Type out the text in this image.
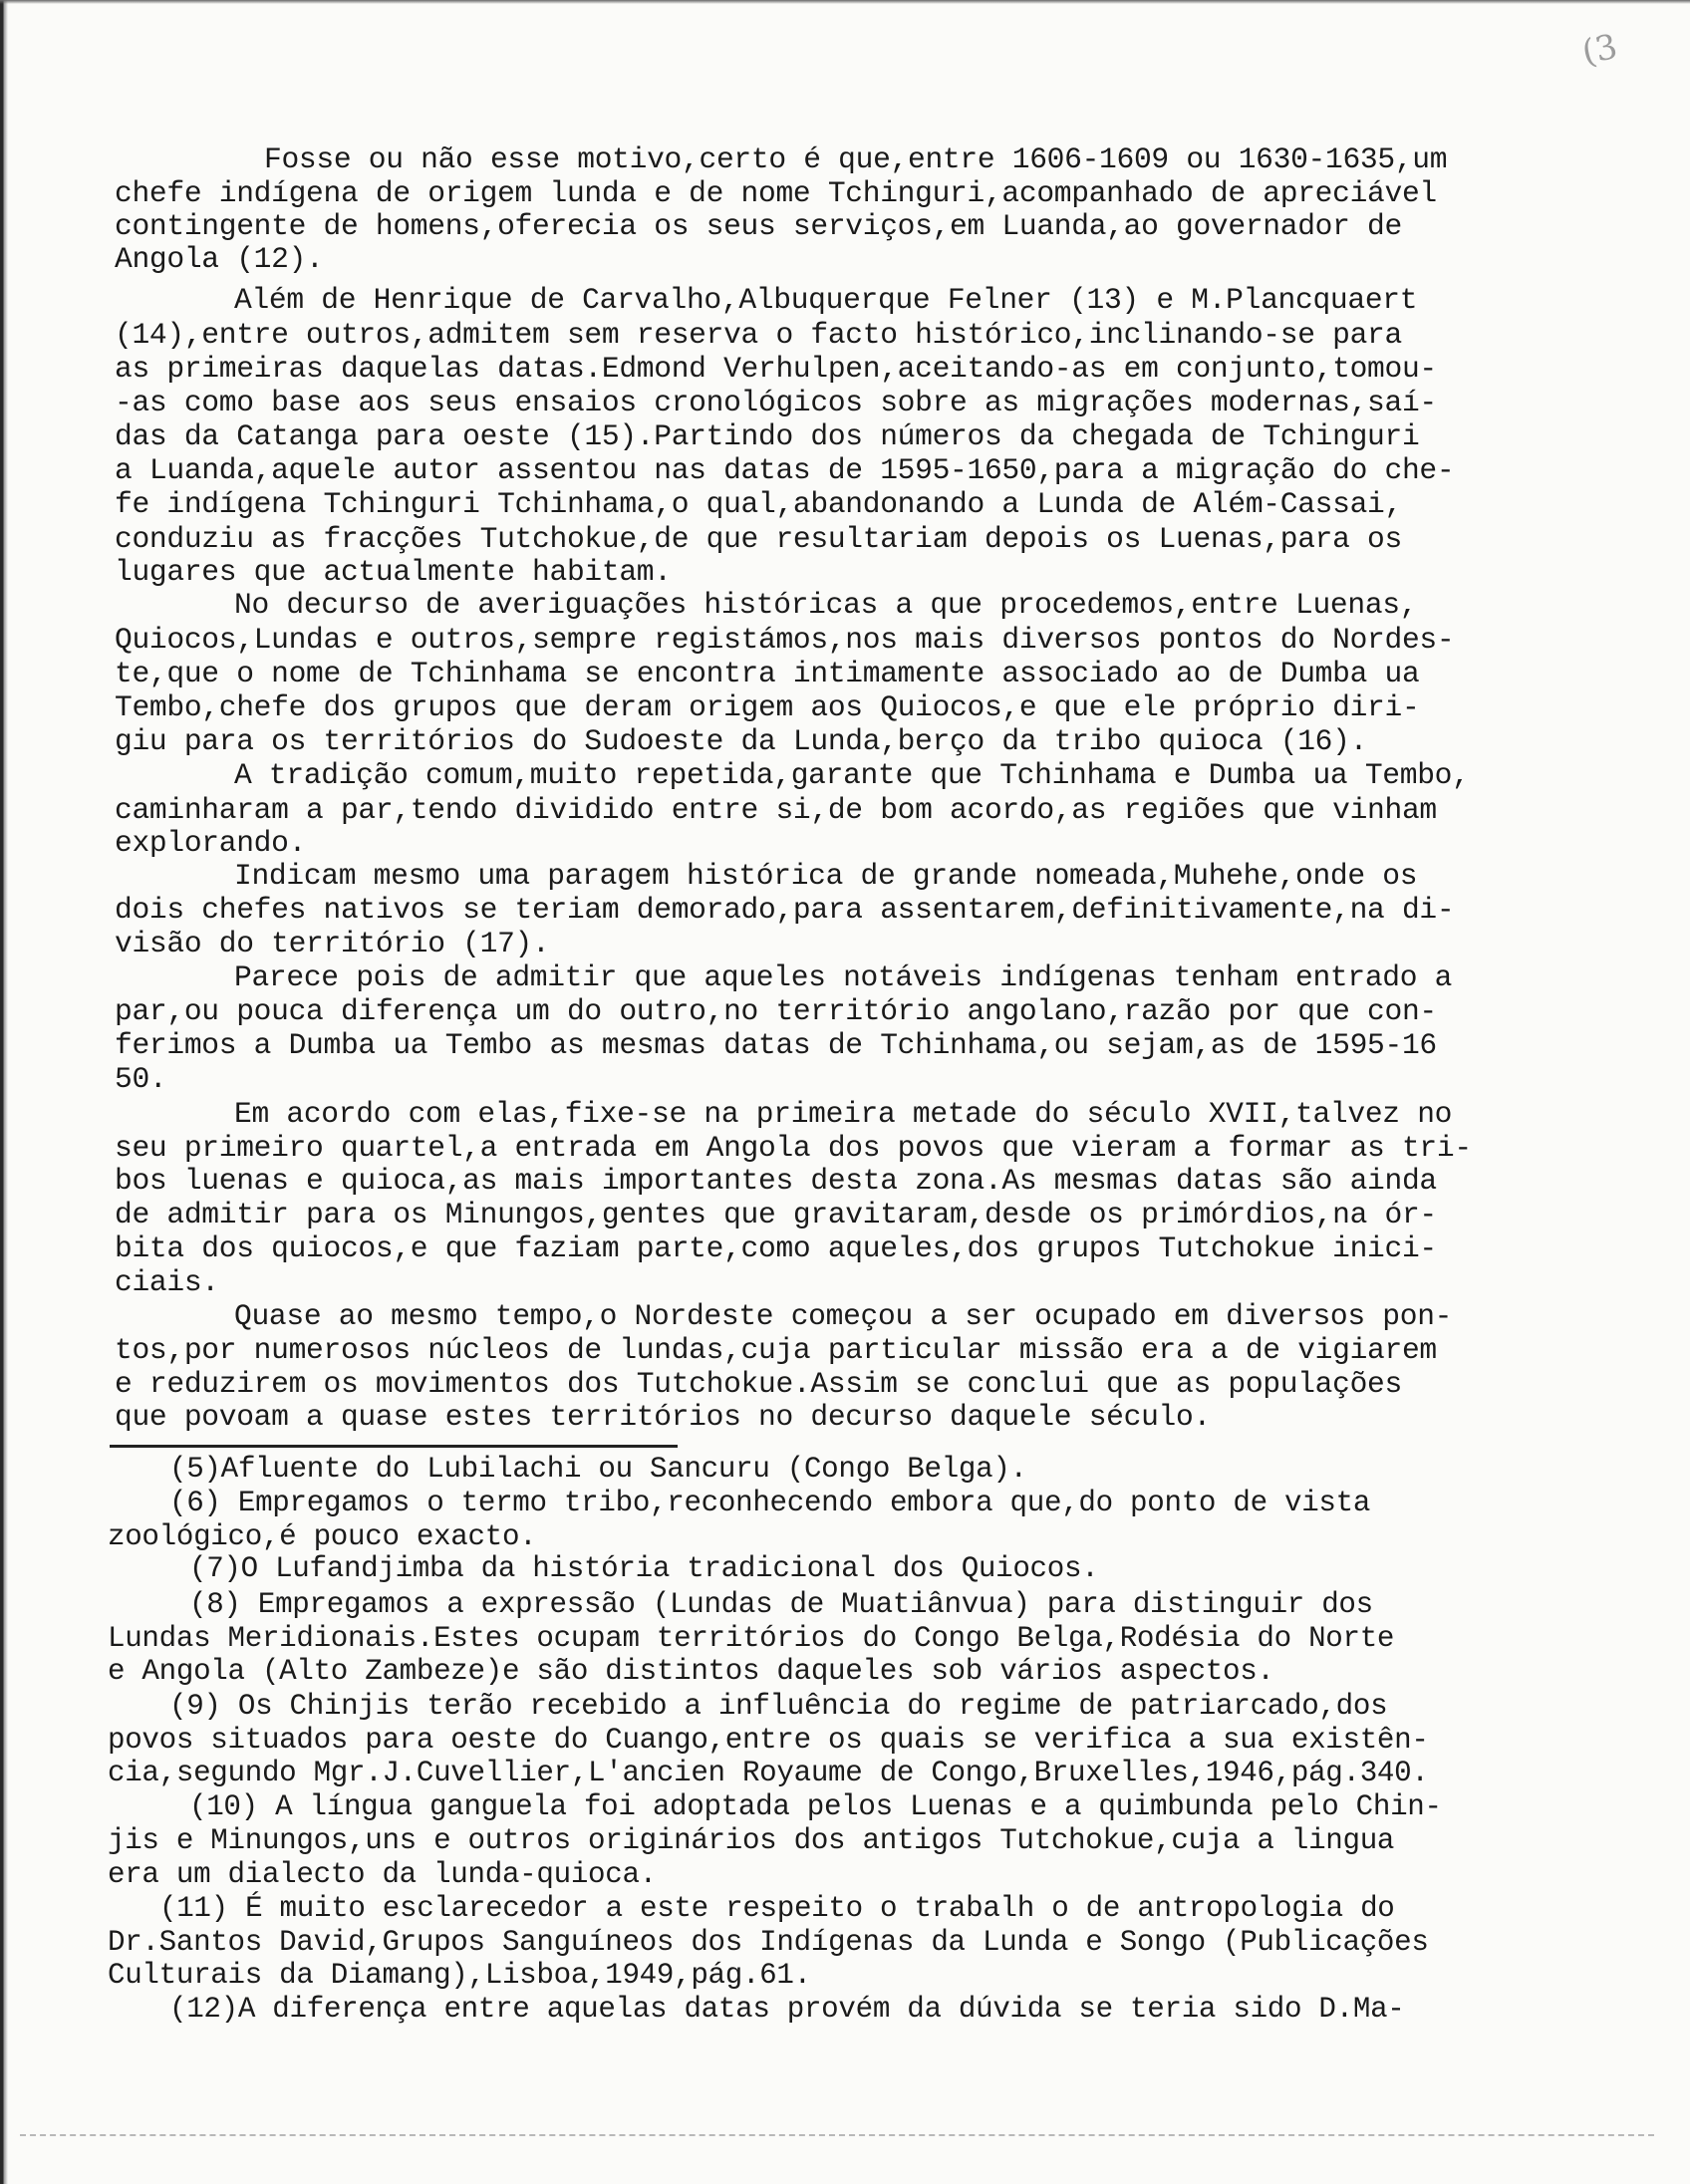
(3

Fosse ou não esse motivo,certo é que,entre 1606-1609 ou 1630-1635,um

chefe indígena de origem lunda e de nome Tchinguri,acompanhado de apreciável

contingente de homens,oferecia os seus serviços,em Luanda,ao governador de

Angola (12).

Além de Henrique de Carvalho,Albuquerque Felner (13) e M.Plancquaert

(14),entre outros,admitem sem reserva o facto histórico,inclinando-se para

as primeiras daquelas datas.Edmond Verhulpen,aceitando-as em conjunto,tomou-

-as como base aos seus ensaios cronológicos sobre as migrações modernas,saí-

das da Catanga para oeste (15).Partindo dos números da chegada de Tchinguri

a Luanda,aquele autor assentou nas datas de 1595-1650,para a migração do che-

fe indígena Tchinguri Tchinhama,o qual,abandonando a Lunda de Além-Cassai,

conduziu as fracções Tutchokue,de que resultariam depois os Luenas,para os

lugares que actualmente habitam.

No decurso de averiguações históricas a que procedemos,entre Luenas,

Quiocos,Lundas e outros,sempre registámos,nos mais diversos pontos do Nordes-

te,que o nome de Tchinhama se encontra intimamente associado ao de Dumba ua

Tembo,chefe dos grupos que deram origem aos Quiocos,e que ele próprio diri-

giu para os territórios do Sudoeste da Lunda,berço da tribo quioca (16).

A tradição comum,muito repetida,garante que Tchinhama e Dumba ua Tembo,

caminharam a par,tendo dividido entre si,de bom acordo,as regiões que vinham

explorando.

Indicam mesmo uma paragem histórica de grande nomeada,Muhehe,onde os

dois chefes nativos se teriam demorado,para assentarem,definitivamente,na di-

visão do território (17).

Parece pois de admitir que aqueles notáveis indígenas tenham entrado a

par,ou pouca diferença um do outro,no território angolano,razão por que con-

ferimos a Dumba ua Tembo as mesmas datas de Tchinhama,ou sejam,as de 1595-16

50.

Em acordo com elas,fixe-se na primeira metade do século XVII,talvez no

seu primeiro quartel,a entrada em Angola dos povos que vieram a formar as tri-

bos luenas e quioca,as mais importantes desta zona.As mesmas datas são ainda

de admitir para os Minungos,gentes que gravitaram,desde os primórdios,na ór-

bita dos quiocos,e que faziam parte,como aqueles,dos grupos Tutchokue inici-

ciais.

Quase ao mesmo tempo,o Nordeste começou a ser ocupado em diversos pon-

tos,por numerosos núcleos de lundas,cuja particular missão era a de vigiarem

e reduzirem os movimentos dos Tutchokue.Assim se conclui que as populações

que povoam a quase estes territórios no decurso daquele século.

(5)Afluente do Lubilachi ou Sancuru (Congo Belga).

(6) Empregamos o termo tribo,reconhecendo embora que,do ponto de vista

zoológico,é pouco exacto.

(7)O Lufandjimba da história tradicional dos Quiocos.

(8) Empregamos a expressão (Lundas de Muatiânvua) para distinguir dos

Lundas Meridionais.Estes ocupam territórios do Congo Belga,Rodésia do Norte

e Angola (Alto Zambeze)e são distintos daqueles sob vários aspectos.

(9) Os Chinjis terão recebido a influência do regime de patriarcado,dos

povos situados para oeste do Cuango,entre os quais se verifica a sua existên-

cia,segundo Mgr.J.Cuvellier,L'ancien Royaume de Congo,Bruxelles,1946,pág.340.

(10) A língua ganguela foi adoptada pelos Luenas e a quimbunda pelo Chin-

jis e Minungos,uns e outros originários dos antigos Tutchokue,cuja a lingua

era um dialecto da lunda-quioca.

(11) É muito esclarecedor a este respeito o trabalh o de antropologia do

Dr.Santos David,Grupos Sanguíneos dos Indígenas da Lunda e Songo (Publicações

Culturais da Diamang),Lisboa,1949,pág.61.

(12)A diferença entre aquelas datas provém da dúvida se teria sido D.Ma-
